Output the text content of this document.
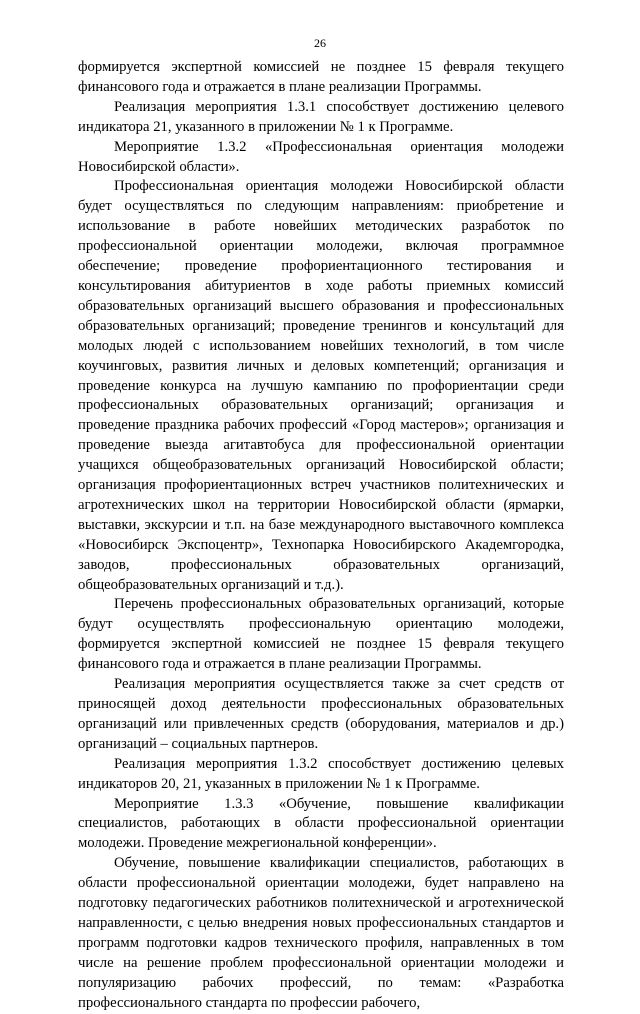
26

формируется экспертной комиссией не позднее 15 февраля текущего финансового года и отражается в плане реализации Программы.

Реализация мероприятия 1.3.1 способствует достижению целевого индикатора 21, указанного в приложении № 1 к Программе.

Мероприятие 1.3.2 «Профессиональная ориентация молодежи Новосибирской области».

Профессиональная ориентация молодежи Новосибирской области будет осуществляться по следующим направлениям: приобретение и использование в работе новейших методических разработок по профессиональной ориентации молодежи, включая программное обеспечение; проведение профориентационного тестирования и консультирования абитуриентов в ходе работы приемных комиссий образовательных организаций высшего образования и профессиональных образовательных организаций; проведение тренингов и консультаций для молодых людей с использованием новейших технологий, в том числе коучинговых, развития личных и деловых компетенций; организация и проведение конкурса на лучшую кампанию по профориентации среди профессиональных образовательных организаций; организация и проведение праздника рабочих профессий «Город мастеров»; организация и проведение выезда агитавтобуса для профессиональной ориентации учащихся общеобразовательных организаций Новосибирской области; организация профориентационных встреч участников политехнических и агротехнических школ на территории Новосибирской области (ярмарки, выставки, экскурсии и т.п. на базе международного выставочного комплекса «Новосибирск Экспоцентр», Технопарка Новосибирского Академгородка, заводов, профессиональных образовательных организаций, общеобразовательных организаций и т.д.).

Перечень профессиональных образовательных организаций, которые будут осуществлять профессиональную ориентацию молодежи, формируется экспертной комиссией не позднее 15 февраля текущего финансового года и отражается в плане реализации Программы.

Реализация мероприятия осуществляется также за счет средств от приносящей доход деятельности профессиональных образовательных организаций или привлеченных средств (оборудования, материалов и др.) организаций – социальных партнеров.

Реализация мероприятия 1.3.2 способствует достижению целевых индикаторов 20, 21, указанных в приложении № 1 к Программе.

Мероприятие 1.3.3 «Обучение, повышение квалификации специалистов, работающих в области профессиональной ориентации молодежи. Проведение межрегиональной конференции».

Обучение, повышение квалификации специалистов, работающих в области профессиональной ориентации молодежи, будет направлено на подготовку педагогических работников политехнической и агротехнической направленности, с целью внедрения новых профессиональных стандартов и программ подготовки кадров технического профиля, направленных в том числе на решение проблем профессиональной ориентации молодежи и популяризацию рабочих профессий, по темам: «Разработка профессионального стандарта по профессии рабочего,
